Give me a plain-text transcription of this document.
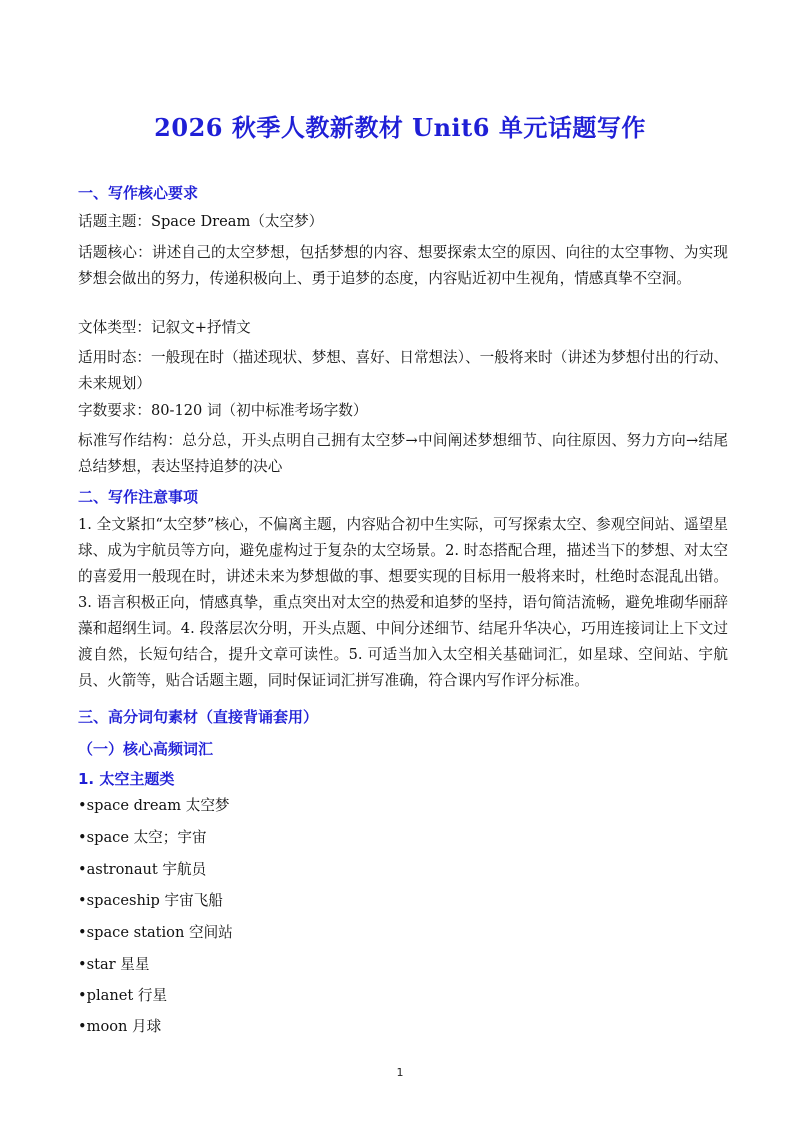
2026 秋季人教新教材 Unit6 单元话题写作
一、写作核心要求
话题主题：Space Dream（太空梦）
话题核心：讲述自己的太空梦想，包括梦想的内容、想要探索太空的原因、向往的太空事物、为实现梦想会做出的努力，传递积极向上、勇于追梦的态度，内容贴近初中生视角，情感真挚不空洞。
文体类型：记叙文+抒情文
适用时态：一般现在时（描述现状、梦想、喜好、日常想法）、一般将来时（讲述为梦想付出的行动、未来规划）
字数要求：80-120 词（初中标准考场字数）
标准写作结构：总分总，开头点明自己拥有太空梦→中间阐述梦想细节、向往原因、努力方向→结尾总结梦想，表达坚持追梦的决心
二、写作注意事项
1. 全文紧扣“太空梦”核心，不偏离主题，内容贴合初中生实际，可写探索太空、参观空间站、遥望星球、成为宇航员等方向，避免虚构过于复杂的太空场景。2. 时态搭配合理，描述当下的梦想、对太空的喜爱用一般现在时，讲述未来为梦想做的事、想要实现的目标用一般将来时，杜绝时态混乱出错。3. 语言积极正向，情感真挚，重点突出对太空的热爱和追梦的坚持，语句简洁流畅，避免堆砌华丽辞藻和超纲生词。4. 段落层次分明，开头点题、中间分述细节、结尾升华决心，巧用连接词让上下文过渡自然，长短句结合，提升文章可读性。5. 可适当加入太空相关基础词汇，如星球、空间站、宇航员、火箭等，贴合话题主题，同时保证词汇拼写准确，符合课内写作评分标准。
三、高分词句素材（直接背诵套用）
（一）核心高频词汇
1. 太空主题类
•space dream 太空梦
•space 太空；宇宙
•astronaut 宇航员
•spaceship 宇宙飞船
•space station 空间站
•star 星星
•planet 行星
•moon 月球
1
